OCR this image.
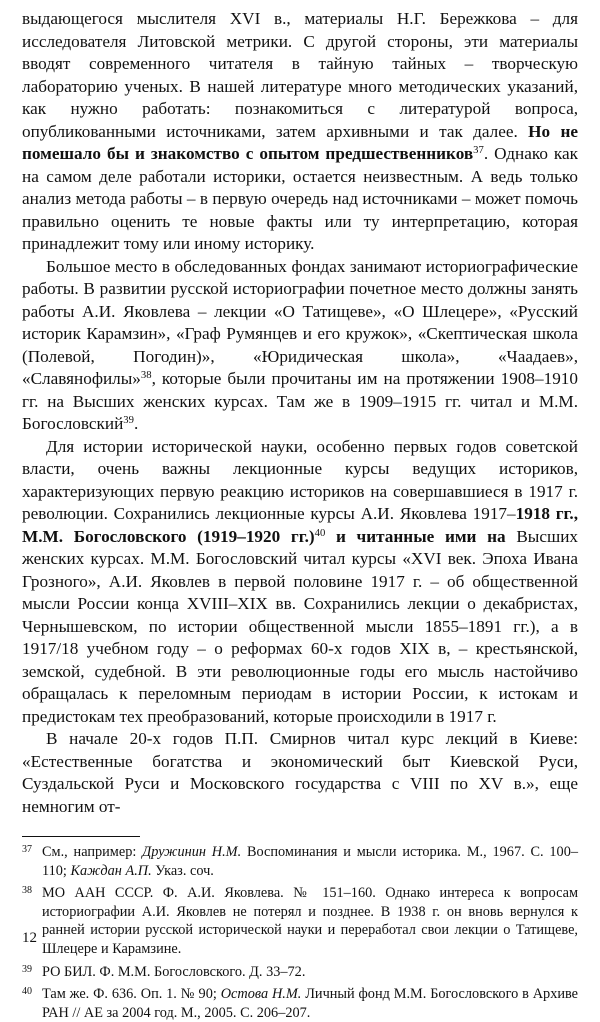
выдающегося мыслителя XVI в., материалы Н.Г. Бережкова – для исследователя Литовской метрики. С другой стороны, эти материалы вводят современного читателя в тайную тайных – творческую лабораторию ученых. В нашей литературе много методических указаний, как нужно работать: познакомиться с литературой вопроса, опубликованными источниками, затем архивными и так далее. Но не помешало бы и знакомство с опытом предшественников$^{37}$. Однако как на самом деле работали историки, остается неизвестным. А ведь только анализ метода работы – в первую очередь над источниками – может помочь правильно оценить те новые факты или ту интерпретацию, которая принадлежит тому или иному историку.

Большое место в обследованных фондах занимают историографические работы. В развитии русской историографии почетное место должны занять работы А.И. Яковлева – лекции «О Татищеве», «О Шлецере», «Русский историк Карамзин», «Граф Румянцев и его кружок», «Скептическая школа (Полевой, Погодин)», «Юридическая школа», «Чаадаев», «Славянофилы»$^{38}$, которые были прочитаны им на протяжении 1908–1910 гг. на Высших женских курсах. Там же в 1909–1915 гг. читал и М.М. Богословский$^{39}$.

Для истории исторической науки, особенно первых годов советской власти, очень важны лекционные курсы ведущих историков, характеризующих первую реакцию историков на совершавшиеся в 1917 г. революции. Сохранились лекционные курсы А.И. Яковлева 1917–1918 гг., М.М. Богословского (1919–1920 гг.)$^{40}$ и читанные ими на Высших женских курсах. М.М. Богословский читал курсы «XVI век. Эпоха Ивана Грозного», А.И. Яковлев в первой половине 1917 г. – об общественной мысли России конца XVIII–XIX вв. Сохранились лекции о декабристах, Чернышевском, по истории общественной мысли 1855–1891 гг.), а в 1917/18 учебном году – о реформах 60-х годов XIX в, – крестьянской, земской, судебной. В эти революционные годы его мысль настойчиво обращалась к переломным периодам в истории России, к истокам и предистокам тех преобразований, которые происходили в 1917 г.

В начале 20-х годов П.П. Смирнов читал курс лекций в Киеве: «Естественные богатства и экономический быт Киевской Руси, Суздальской Руси и Московского государства с VIII по XV в.», еще немногим от-

37 См., например: Дружинин Н.М. Воспоминания и мысли историка. М., 1967. С. 100–110; Каждан А.П. Указ. соч.
38 МО ААН СССР. Ф. А.И. Яковлева. № 151–160. Однако интереса к вопросам историографии А.И. Яковлев не потерял и позднее. В 1938 г. он вновь вернулся к ранней истории русской исторической науки и переработал свои лекции о Татищеве, Шлецере и Карамзине.
39 РО БИЛ. Ф. М.М. Богословского. Д. 33–72.
40 Там же. Ф. 636. Оп. 1. № 90; Остова Н.М. Личный фонд М.М. Богословского в Архиве РАН // АЕ за 2004 год. М., 2005. С. 206–207.
12
